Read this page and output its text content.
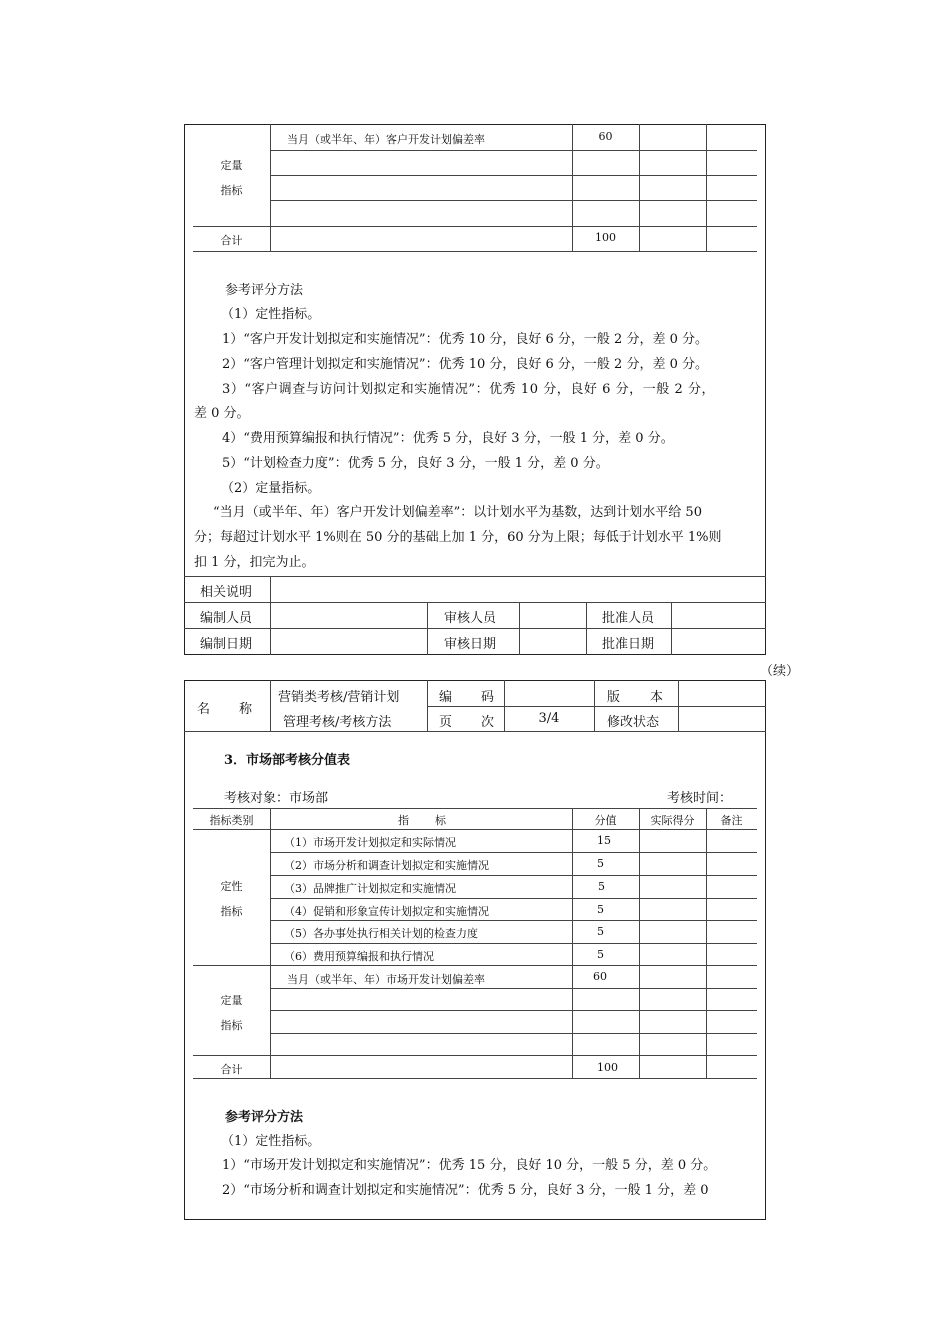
当月（或半年、年）客户开发计划偏差率	60
定量
指标
合计	100
参考评分方法
（1）定性指标。
1）“客户开发计划拟定和实施情况”：优秀 10 分，良好 6 分，一般 2 分，差 0 分。
2）“客户管理计划拟定和实施情况”：优秀 10 分，良好 6 分，一般 2 分，差 0 分。
3）“客户调查与访问计划拟定和实施情况”：优秀 10 分，良好 6 分，一般 2 分，
差 0 分。
4）“费用预算编报和执行情况”：优秀 5 分，良好 3 分，一般 1 分，差 0 分。
5）“计划检查力度”：优秀 5 分，良好 3 分，一般 1 分，差 0 分。
（2）定量指标。
“当月（或半年、年）客户开发计划偏差率”：以计划水平为基数，达到计划水平给 50
分；每超过计划水平 1%则在 50 分的基础上加 1 分，60 分为上限；每低于计划水平 1%则
扣 1 分，扣完为止。
相关说明
编制人员	审核人员	批准人员
编制日期	审核日期	批准日期
（续）
名 称
营销类考核/营销计划
管理考核/考核方法
编 码	版 本
页 次	3/4	修改状态
3．市场部考核分值表
考核对象：市场部	考核时间：
指标类别	指 标	分值	实际得分	备注
定性
指标
（1）市场开发计划拟定和实际情况	15
（2）市场分析和调查计划拟定和实施情况	5
（3）品牌推广计划拟定和实施情况	5
（4）促销和形象宣传计划拟定和实施情况	5
（5）各办事处执行相关计划的检查力度	5
（6）费用预算编报和执行情况	5
当月（或半年、年）市场开发计划偏差率	60
定量
指标
合计	100
参考评分方法
（1）定性指标。
1）“市场开发计划拟定和实施情况”：优秀 15 分，良好 10 分，一般 5 分，差 0 分。
2）“市场分析和调查计划拟定和实施情况”：优秀 5 分，良好 3 分，一般 1 分，差 0
